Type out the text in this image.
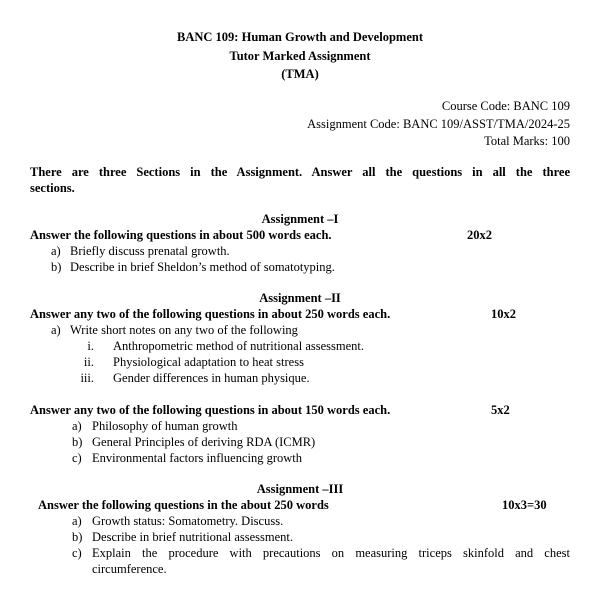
BANC 109: Human Growth and Development
Tutor Marked Assignment
(TMA)
Course Code: BANC 109
Assignment Code: BANC 109/ASST/TMA/2024-25
Total Marks: 100
There are three Sections in the Assignment. Answer all the questions in all the three
sections.
Assignment –I
Answer the following questions in about 500 words each.	20x2
a) Briefly discuss prenatal growth.
b) Describe in brief Sheldon’s method of somatotyping.
Assignment –II
Answer any two of the following questions in about 250 words each.	10x2
a) Write short notes on any two of the following
i. Anthropometric method of nutritional assessment.
ii. Physiological adaptation to heat stress
iii. Gender differences in human physique.
Answer any two of the following questions in about 150 words each.	5x2
a) Philosophy of human growth
b) General Principles of deriving RDA (ICMR)
c) Environmental factors influencing growth
Assignment –III
Answer the following questions in the about 250 words	10x3=30
a) Growth status: Somatometry. Discuss.
b) Describe in brief nutritional assessment.
c) Explain the procedure with precautions on measuring triceps skinfold and chest
circumference.
